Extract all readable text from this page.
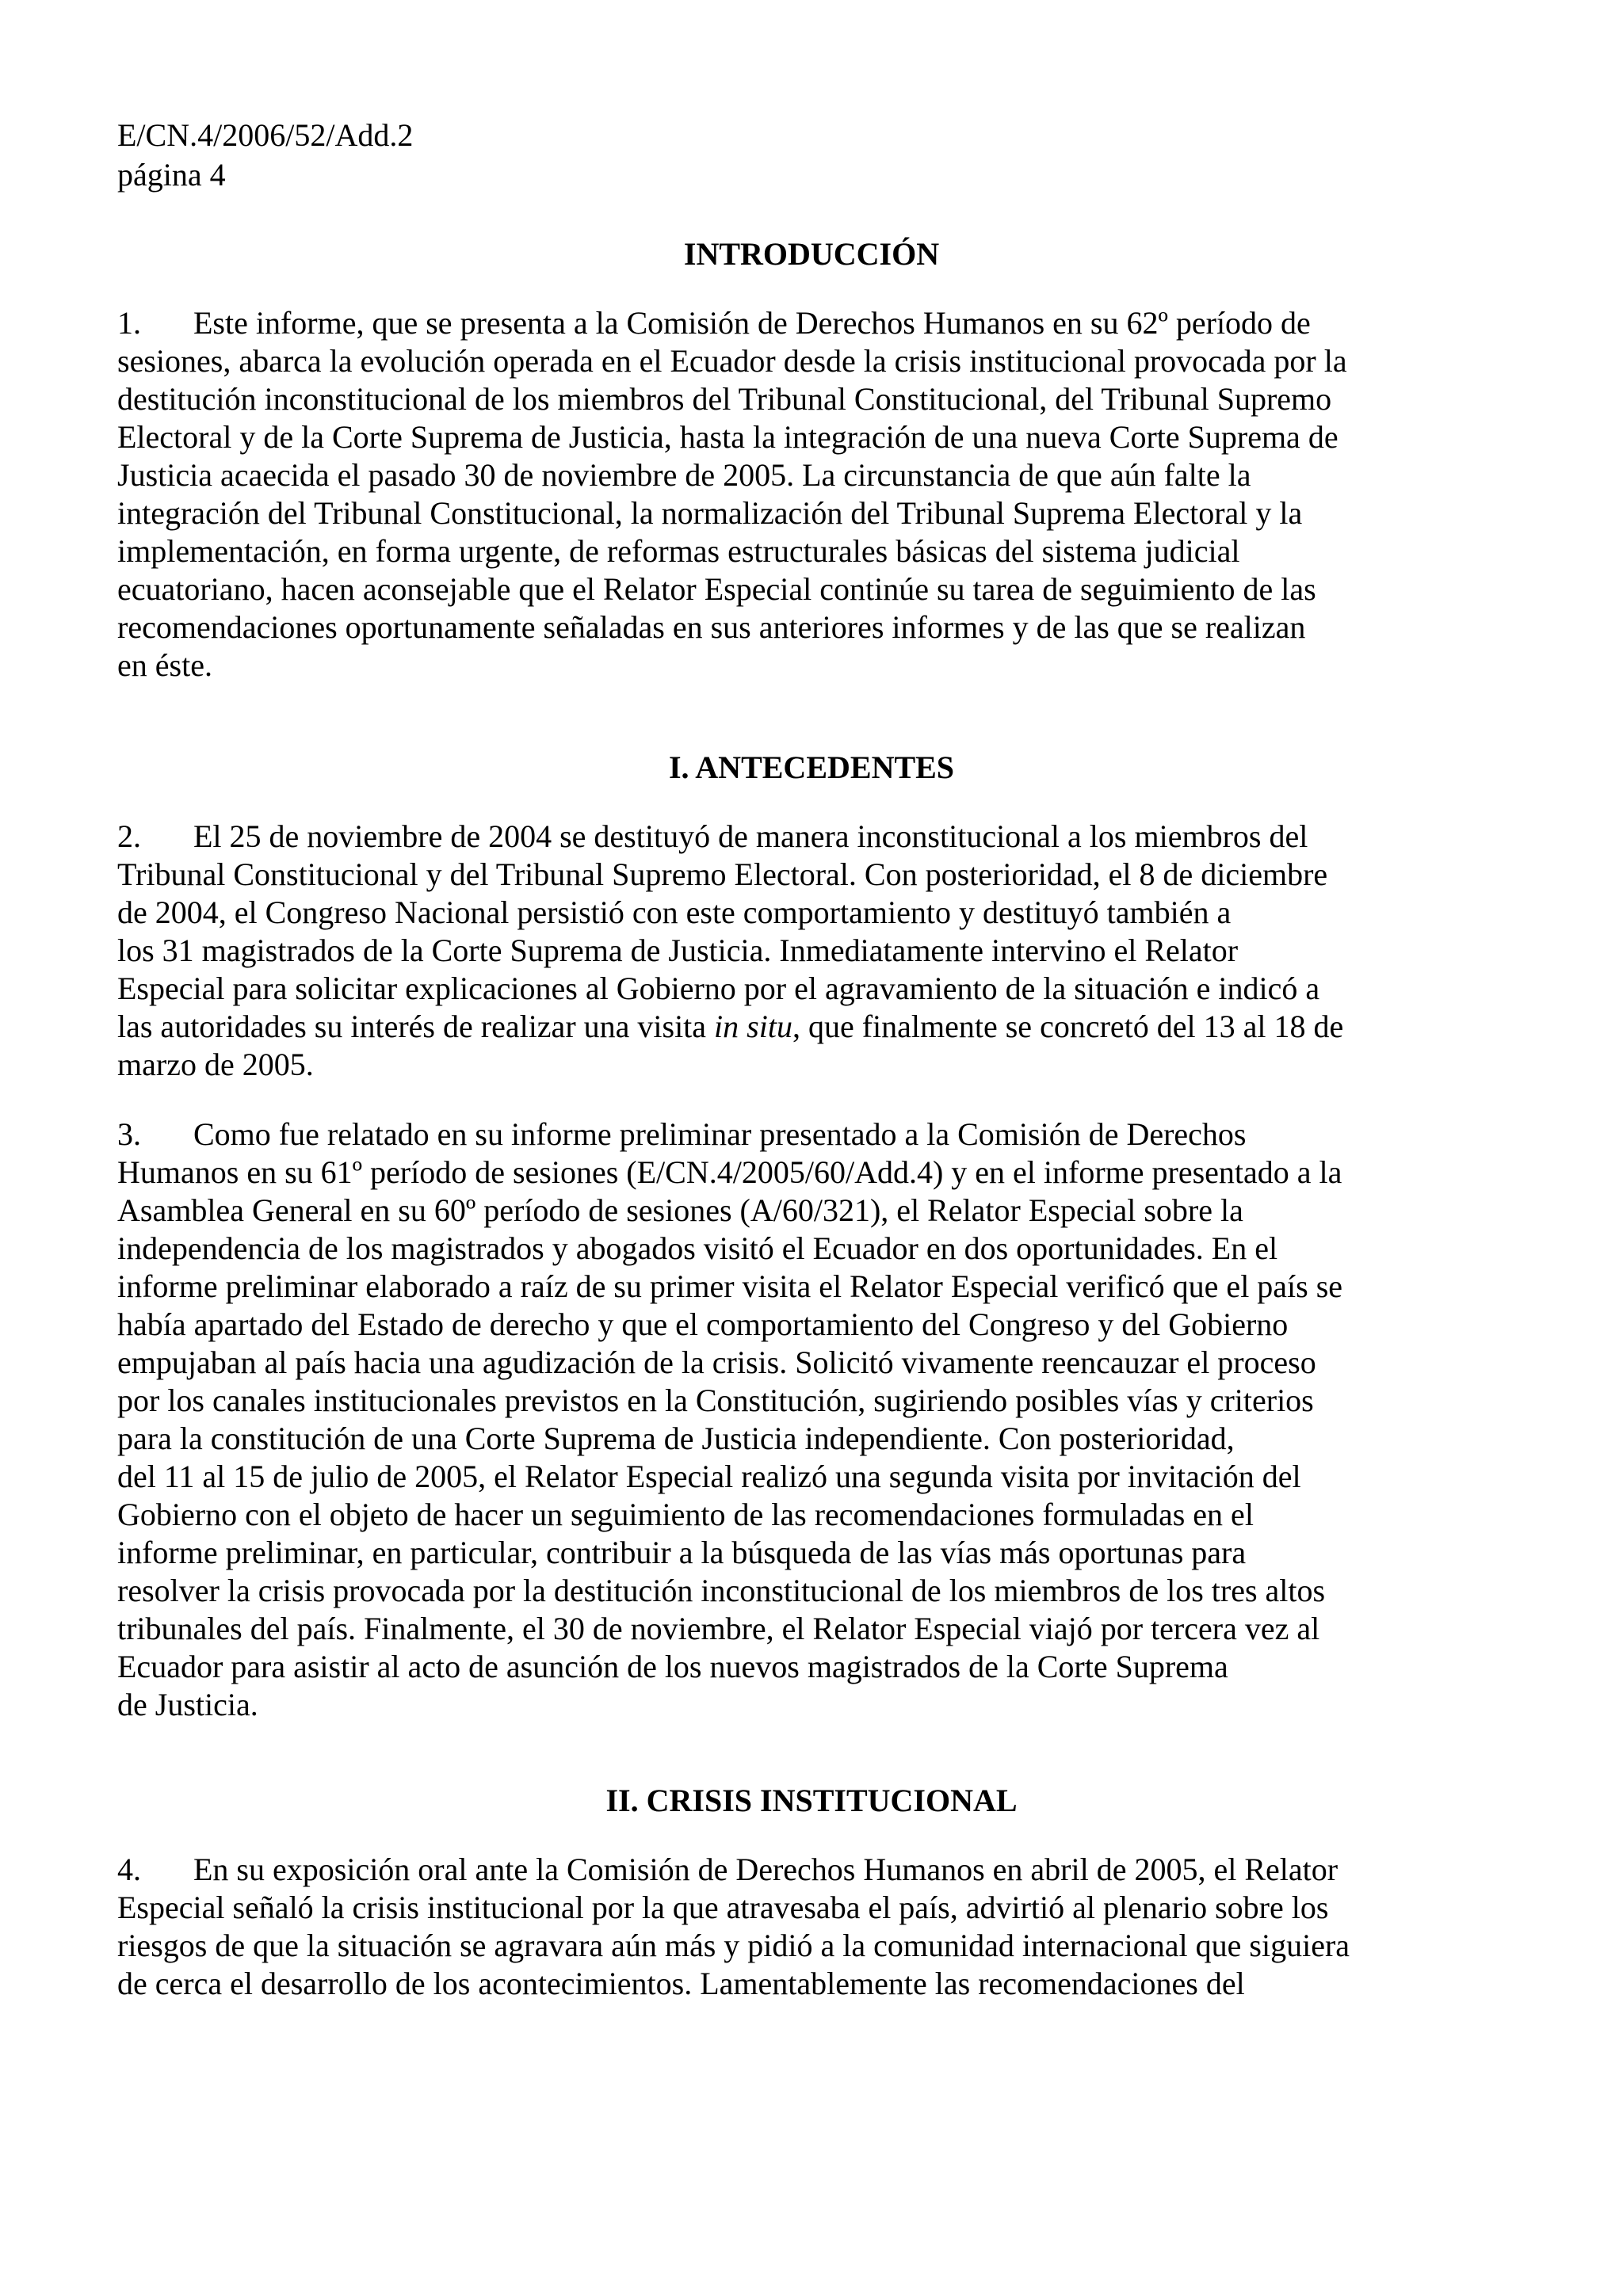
E/CN.4/2006/52/Add.2
página 4
INTRODUCCIÓN
1. Este informe, que se presenta a la Comisión de Derechos Humanos en su 62º período de
sesiones, abarca la evolución operada en el Ecuador desde la crisis institucional provocada por la
destitución inconstitucional de los miembros del Tribunal Constitucional, del Tribunal Supremo
Electoral y de la Corte Suprema de Justicia, hasta la integración de una nueva Corte Suprema de
Justicia acaecida el pasado 30 de noviembre de 2005. La circunstancia de que aún falte la
integración del Tribunal Constitucional, la normalización del Tribunal Suprema Electoral y la
implementación, en forma urgente, de reformas estructurales básicas del sistema judicial
ecuatoriano, hacen aconsejable que el Relator Especial continúe su tarea de seguimiento de las
recomendaciones oportunamente señaladas en sus anteriores informes y de las que se realizan
en éste.
I. ANTECEDENTES
2. El 25 de noviembre de 2004 se destituyó de manera inconstitucional a los miembros del
Tribunal Constitucional y del Tribunal Supremo Electoral. Con posterioridad, el 8 de diciembre
de 2004, el Congreso Nacional persistió con este comportamiento y destituyó también a
los 31 magistrados de la Corte Suprema de Justicia. Inmediatamente intervino el Relator
Especial para solicitar explicaciones al Gobierno por el agravamiento de la situación e indicó a
las autoridades su interés de realizar una visita in situ, que finalmente se concretó del 13 al 18 de
marzo de 2005.
3. Como fue relatado en su informe preliminar presentado a la Comisión de Derechos
Humanos en su 61º período de sesiones (E/CN.4/2005/60/Add.4) y en el informe presentado a la
Asamblea General en su 60º período de sesiones (A/60/321), el Relator Especial sobre la
independencia de los magistrados y abogados visitó el Ecuador en dos oportunidades. En el
informe preliminar elaborado a raíz de su primer visita el Relator Especial verificó que el país se
había apartado del Estado de derecho y que el comportamiento del Congreso y del Gobierno
empujaban al país hacia una agudización de la crisis. Solicitó vivamente reencauzar el proceso
por los canales institucionales previstos en la Constitución, sugiriendo posibles vías y criterios
para la constitución de una Corte Suprema de Justicia independiente. Con posterioridad,
del 11 al 15 de julio de 2005, el Relator Especial realizó una segunda visita por invitación del
Gobierno con el objeto de hacer un seguimiento de las recomendaciones formuladas en el
informe preliminar, en particular, contribuir a la búsqueda de las vías más oportunas para
resolver la crisis provocada por la destitución inconstitucional de los miembros de los tres altos
tribunales del país. Finalmente, el 30 de noviembre, el Relator Especial viajó por tercera vez al
Ecuador para asistir al acto de asunción de los nuevos magistrados de la Corte Suprema
de Justicia.
II. CRISIS INSTITUCIONAL
4. En su exposición oral ante la Comisión de Derechos Humanos en abril de 2005, el Relator
Especial señaló la crisis institucional por la que atravesaba el país, advirtió al plenario sobre los
riesgos de que la situación se agravara aún más y pidió a la comunidad internacional que siguiera
de cerca el desarrollo de los acontecimientos. Lamentablemente las recomendaciones del
